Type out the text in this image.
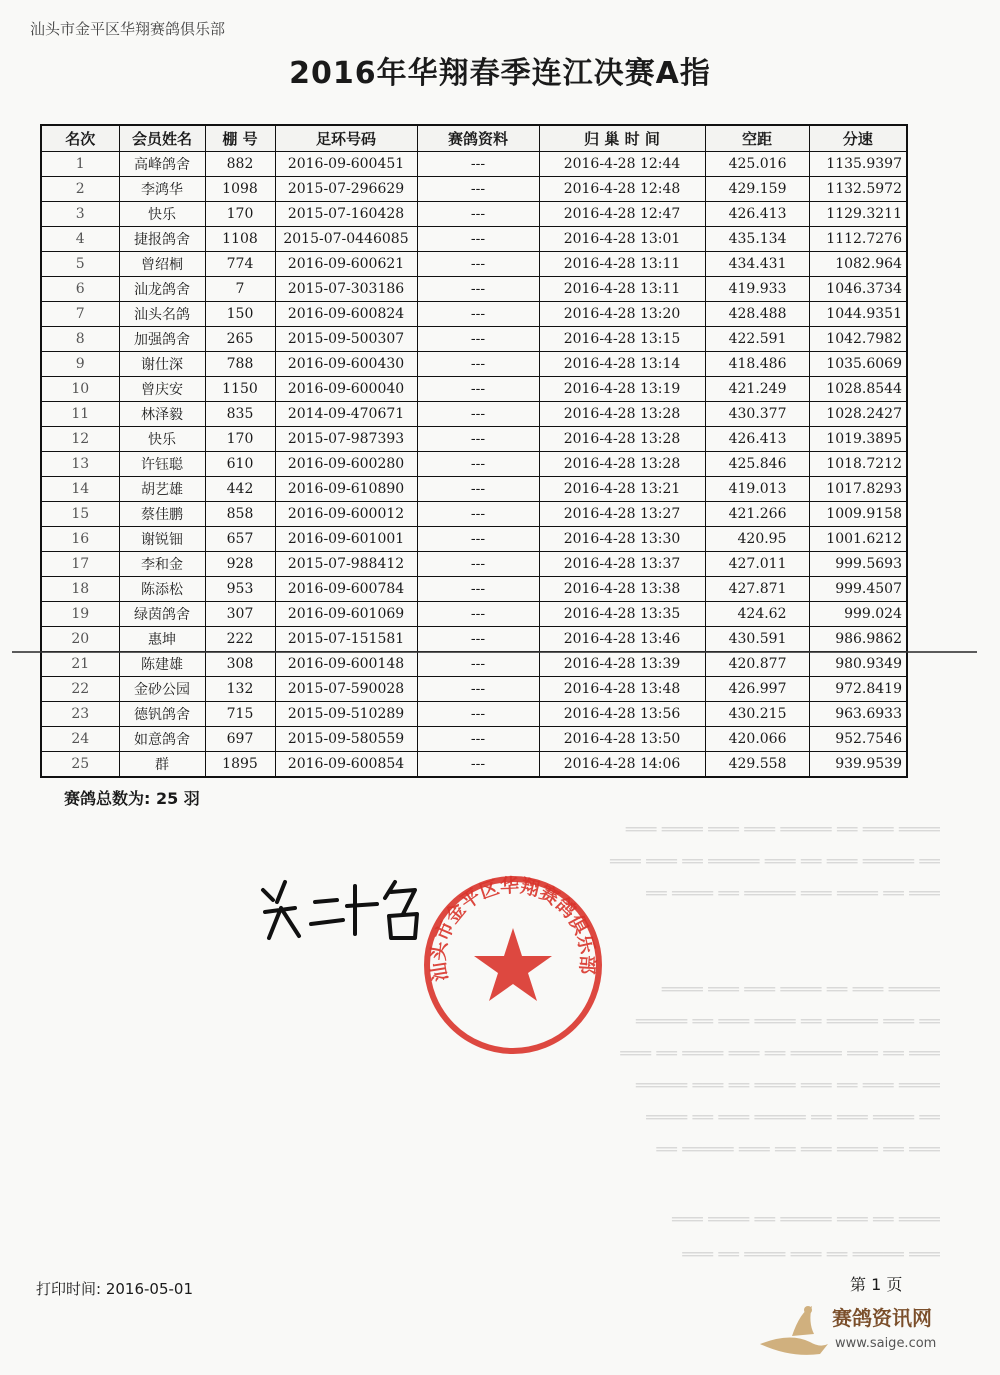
════ ═══ ══ ═════ ═══ ═══ ════ ═══
══ ═════ ═══ ══ ═══ ═════ ══ ═══ ═══
═══ ══ ════ ═══ ═════ ══ ════ ══
═════ ═══ ══ ════ ═══ ═══ ════
══ ═══ ═════ ══ ════ ═══ ══ ═════
═══ ══ ═══ ═════ ══ ═══ ════ ══ ═══
════ ═══ ══ ═══ ════ ══ ═══ ═════
══ ════ ═══ ══ ═════ ═══ ══ ════
═══ ══ ════ ═══ ══ ═══ ═════ ══
════ ══ ═══ ═════ ══ ════ ═══
═══ ═════ ══ ═══ ════ ══ ═══
汕头市金平区华翔赛鸽俱乐部
2016年华翔春季连江决赛A指
名次	会员姓名	棚 号	足环号码	赛鸽资料	归 巢 时 间	空距	分速
1	高峰鸽舍	882	2016-09-600451	---	2016-4-28 12:44	425.016	1135.9397
2	李鸿华	1098	2015-07-296629	---	2016-4-28 12:48	429.159	1132.5972
3	快乐	170	2015-07-160428	---	2016-4-28 12:47	426.413	1129.3211
4	捷报鸽舍	1108	2015-07-0446085	---	2016-4-28 13:01	435.134	1112.7276
5	曾绍桐	774	2016-09-600621	---	2016-4-28 13:11	434.431	1082.964
6	汕龙鸽舍	7	2015-07-303186	---	2016-4-28 13:11	419.933	1046.3734
7	汕头名鸽	150	2016-09-600824	---	2016-4-28 13:20	428.488	1044.9351
8	加强鸽舍	265	2015-09-500307	---	2016-4-28 13:15	422.591	1042.7982
9	谢仕深	788	2016-09-600430	---	2016-4-28 13:14	418.486	1035.6069
10	曾庆安	1150	2016-09-600040	---	2016-4-28 13:19	421.249	1028.8544
11	林泽毅	835	2014-09-470671	---	2016-4-28 13:28	430.377	1028.2427
12	快乐	170	2015-07-987393	---	2016-4-28 13:28	426.413	1019.3895
13	许钰聪	610	2016-09-600280	---	2016-4-28 13:28	425.846	1018.7212
14	胡艺雄	442	2016-09-610890	---	2016-4-28 13:21	419.013	1017.8293
15	蔡佳鹏	858	2016-09-600012	---	2016-4-28 13:27	421.266	1009.9158
16	谢锐钿	657	2016-09-601001	---	2016-4-28 13:30	420.95	1001.6212
17	李和金	928	2015-07-988412	---	2016-4-28 13:37	427.011	999.5693
18	陈添松	953	2016-09-600784	---	2016-4-28 13:38	427.871	999.4507
19	绿茵鸽舍	307	2016-09-601069	---	2016-4-28 13:35	424.62	999.024
20	惠坤	222	2015-07-151581	---	2016-4-28 13:46	430.591	986.9862
21	陈建雄	308	2016-09-600148	---	2016-4-28 13:39	420.877	980.9349
22	金砂公园	132	2015-07-590028	---	2016-4-28 13:48	426.997	972.8419
23	德钒鸽舍	715	2015-09-510289	---	2016-4-28 13:56	430.215	963.6933
24	如意鸽舍	697	2015-09-580559	---	2016-4-28 13:50	420.066	952.7546
25	群	1895	2016-09-600854	---	2016-4-28 14:06	429.558	939.9539
赛鸽总数为: 25 羽
汕头市金平区华翔赛鸽俱乐部
打印时间: 2016-05-01	第 1 页
赛鸽资讯网
www.saige.com
